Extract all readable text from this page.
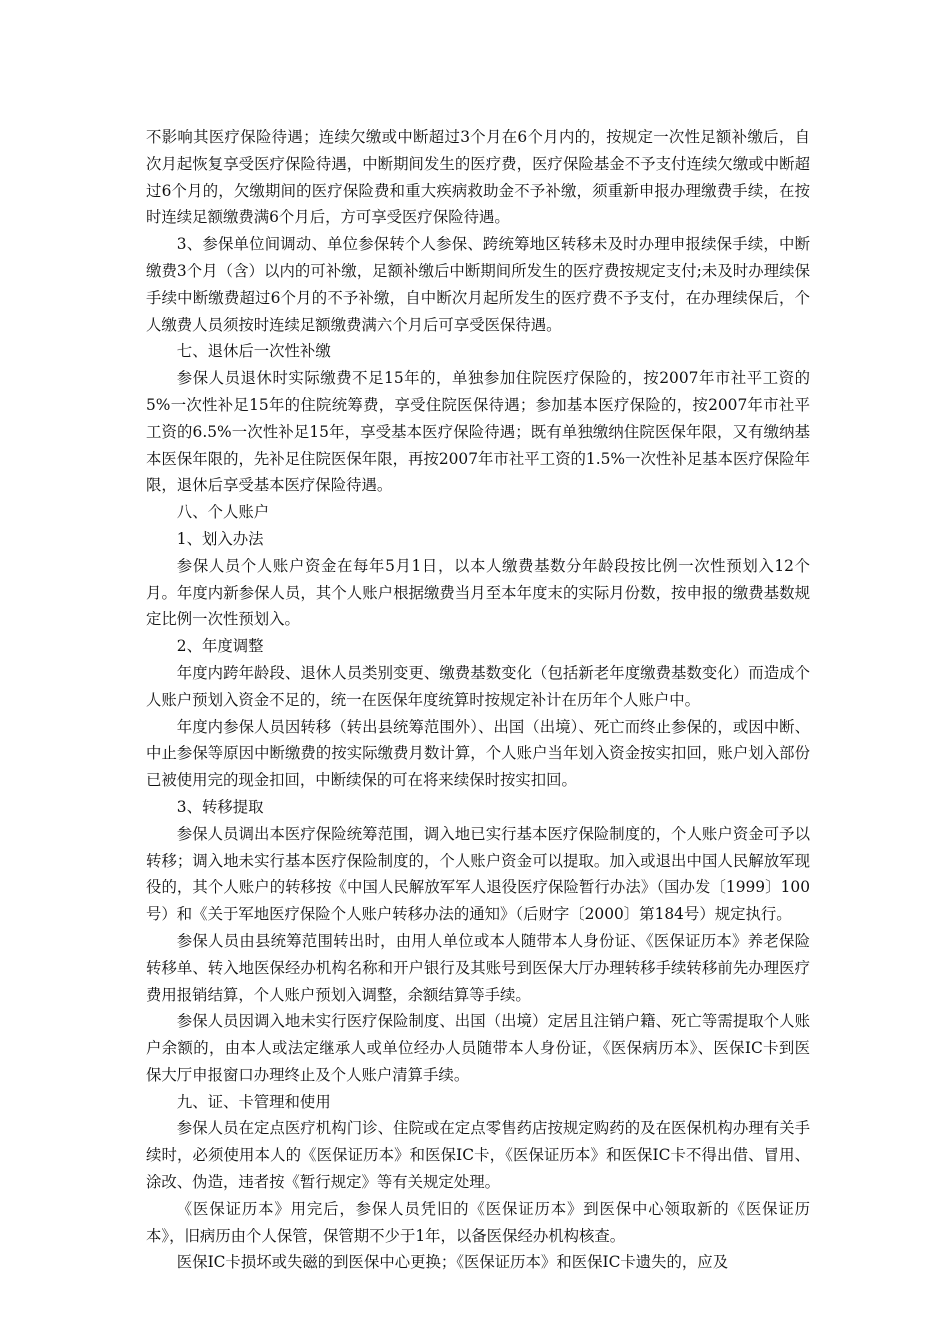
不影响其医疗保险待遇；连续欠缴或中断超过3个月在6个月内的，按规定一次性足额补缴后，自次月起恢复享受医疗保险待遇，中断期间发生的医疗费，医疗保险基金不予支付连续欠缴或中断超过6个月的，欠缴期间的医疗保险费和重大疾病救助金不予补缴，须重新申报办理缴费手续，在按时连续足额缴费满6个月后，方可享受医疗保险待遇。

3、参保单位间调动、单位参保转个人参保、跨统筹地区转移未及时办理申报续保手续，中断缴费3个月（含）以内的可补缴，足额补缴后中断期间所发生的医疗费按规定支付;未及时办理续保手续中断缴费超过6个月的不予补缴，自中断次月起所发生的医疗费不予支付，在办理续保后，个人缴费人员须按时连续足额缴费满六个月后可享受医保待遇。

七、退休后一次性补缴

参保人员退休时实际缴费不足15年的，单独参加住院医疗保险的，按2007年市社平工资的5%一次性补足15年的住院统筹费，享受住院医保待遇；参加基本医疗保险的，按2007年市社平工资的6.5%一次性补足15年，享受基本医疗保险待遇；既有单独缴纳住院医保年限，又有缴纳基本医保年限的，先补足住院医保年限，再按2007年市社平工资的1.5%一次性补足基本医疗保险年限，退休后享受基本医疗保险待遇。

八、个人账户

1、划入办法

参保人员个人账户资金在每年5月1日，以本人缴费基数分年龄段按比例一次性预划入12个月。年度内新参保人员，其个人账户根据缴费当月至本年度末的实际月份数，按申报的缴费基数规定比例一次性预划入。

2、年度调整

年度内跨年龄段、退休人员类别变更、缴费基数变化（包括新老年度缴费基数变化）而造成个人账户预划入资金不足的，统一在医保年度统算时按规定补计在历年个人账户中。

年度内参保人员因转移（转出县统筹范围外）、出国（出境）、死亡而终止参保的，或因中断、中止参保等原因中断缴费的按实际缴费月数计算，个人账户当年划入资金按实扣回，账户划入部份已被使用完的现金扣回，中断续保的可在将来续保时按实扣回。

3、转移提取

参保人员调出本医疗保险统筹范围，调入地已实行基本医疗保险制度的，个人账户资金可予以转移；调入地未实行基本医疗保险制度的，个人账户资金可以提取。加入或退出中国人民解放军现役的，其个人账户的转移按《中国人民解放军军人退役医疗保险暂行办法》（国办发〔1999〕100号）和《关于军地医疗保险个人账户转移办法的通知》（后财字〔2000〕第184号）规定执行。

参保人员由县统筹范围转出时，由用人单位或本人随带本人身份证、《医保证历本》养老保险转移单、转入地医保经办机构名称和开户银行及其账号到医保大厅办理转移手续转移前先办理医疗费用报销结算，个人账户预划入调整，余额结算等手续。

参保人员因调入地未实行医疗保险制度、出国（出境）定居且注销户籍、死亡等需提取个人账户余额的，由本人或法定继承人或单位经办人员随带本人身份证，《医保病历本》、医保IC卡到医保大厅申报窗口办理终止及个人账户清算手续。

九、证、卡管理和使用

参保人员在定点医疗机构门诊、住院或在定点零售药店按规定购药的及在医保机构办理有关手续时，必须使用本人的《医保证历本》和医保IC卡，《医保证历本》和医保IC卡不得出借、冒用、涂改、伪造，违者按《暂行规定》等有关规定处理。

《医保证历本》用完后，参保人员凭旧的《医保证历本》到医保中心领取新的《医保证历本》，旧病历由个人保管，保管期不少于1年，以备医保经办机构核查。

医保IC卡损坏或失磁的到医保中心更换；《医保证历本》和医保IC卡遗失的，应及
